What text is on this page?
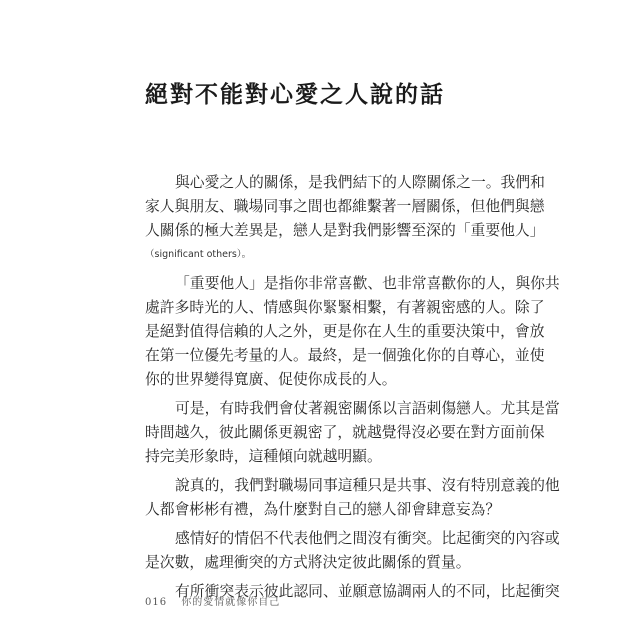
絕對不能對心愛之人說的話
與心愛之人的關係，是我們結下的人際關係之一。我們和
家人與朋友、職場同事之間也都維繫著一層關係，但他們與戀
人關係的極大差異是，戀人是對我們影響至深的「重要他人」
（significant others）。
「重要他人」是指你非常喜歡、也非常喜歡你的人，與你共
處許多時光的人、情感與你緊緊相繫，有著親密感的人。除了
是絕對值得信賴的人之外，更是你在人生的重要決策中，會放
在第一位優先考量的人。最終，是一個強化你的自尊心，並使
你的世界變得寬廣、促使你成長的人。
可是，有時我們會仗著親密關係以言語刺傷戀人。尤其是當
時間越久，彼此關係更親密了，就越覺得沒必要在對方面前保
持完美形象時，這種傾向就越明顯。
說真的，我們對職場同事這種只是共事、沒有特別意義的他
人都會彬彬有禮，為什麼對自己的戀人卻會肆意妄為？
感情好的情侶不代表他們之間沒有衝突。比起衝突的內容或
是次數，處理衝突的方式將決定彼此關係的質量。
有所衝突表示彼此認同、並願意協調兩人的不同，比起衝突
016 你的愛情就像你自己
